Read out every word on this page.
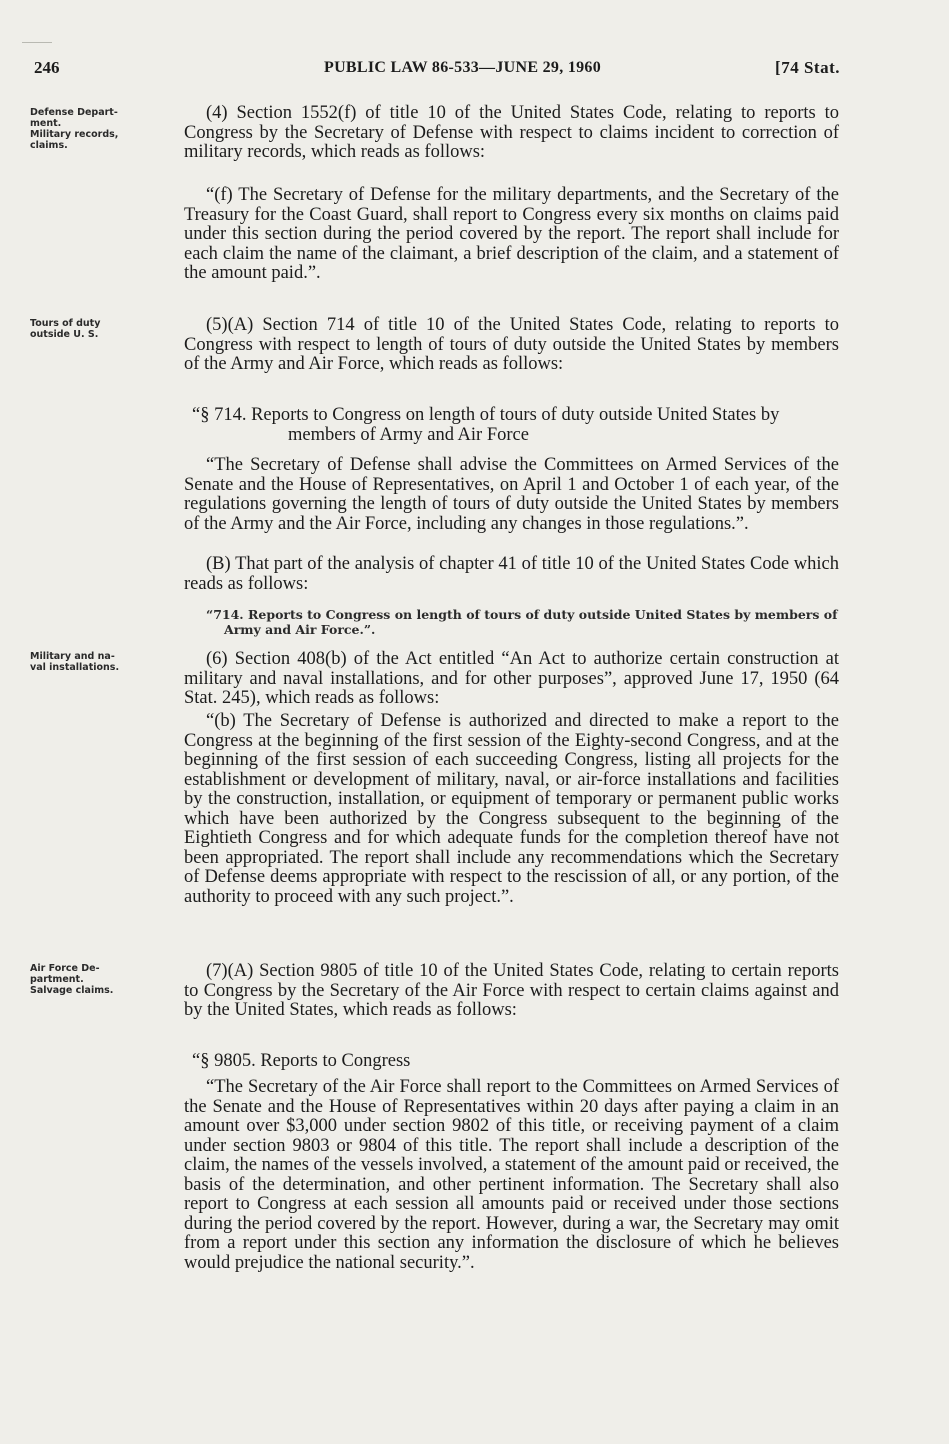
246	PUBLIC LAW 86-533—JUNE 29, 1960	[74 Stat.
Defense Depart-
ment.
Military records,
claims.
Tours of duty
outside U. S.
Military and na-
val installations.
Air Force De-
partment.
Salvage claims.

(4) Section 1552(f) of title 10 of the United States Code, relating to reports to Congress by the Secretary of Defense with respect to claims incident to correction of military records, which reads as follows:

“(f) The Secretary of Defense for the military departments, and the Secretary of the Treasury for the Coast Guard, shall report to Congress every six months on claims paid under this section during the period covered by the report. The report shall include for each claim the name of the claimant, a brief description of the claim, and a statement of the amount paid.”.

(5)(A) Section 714 of title 10 of the United States Code, relating to reports to Congress with respect to length of tours of duty outside the United States by members of the Army and Air Force, which reads as follows:

“§ 714. Reports to Congress on length of tours of duty outside United States by members of Army and Air Force

“The Secretary of Defense shall advise the Committees on Armed Services of the Senate and the House of Representatives, on April 1 and October 1 of each year, of the regulations governing the length of tours of duty outside the United States by members of the Army and the Air Force, including any changes in those regulations.”.

(B) That part of the analysis of chapter 41 of title 10 of the United States Code which reads as follows:

“714. Reports to Congress on length of tours of duty outside United States by members of Army and Air Force.”.

(6) Section 408(b) of the Act entitled “An Act to authorize certain construction at military and naval installations, and for other purposes”, approved June 17, 1950 (64 Stat. 245), which reads as follows:

“(b) The Secretary of Defense is authorized and directed to make a report to the Congress at the beginning of the first session of the Eighty-second Congress, and at the beginning of the first session of each succeeding Congress, listing all projects for the establishment or development of military, naval, or air-force installations and facilities by the construction, installation, or equipment of temporary or permanent public works which have been authorized by the Congress subsequent to the beginning of the Eightieth Congress and for which adequate funds for the completion thereof have not been appropriated. The report shall include any recommendations which the Secretary of Defense deems appropriate with respect to the rescission of all, or any portion, of the authority to proceed with any such project.”.

(7)(A) Section 9805 of title 10 of the United States Code, relating to certain reports to Congress by the Secretary of the Air Force with respect to certain claims against and by the United States, which reads as follows:

“§ 9805. Reports to Congress

“The Secretary of the Air Force shall report to the Committees on Armed Services of the Senate and the House of Representatives within 20 days after paying a claim in an amount over $3,000 under section 9802 of this title, or receiving payment of a claim under section 9803 or 9804 of this title. The report shall include a description of the claim, the names of the vessels involved, a statement of the amount paid or received, the basis of the determination, and other pertinent information. The Secretary shall also report to Congress at each session all amounts paid or received under those sections during the period covered by the report. However, during a war, the Secretary may omit from a report under this section any information the disclosure of which he believes would prejudice the national security.”.
